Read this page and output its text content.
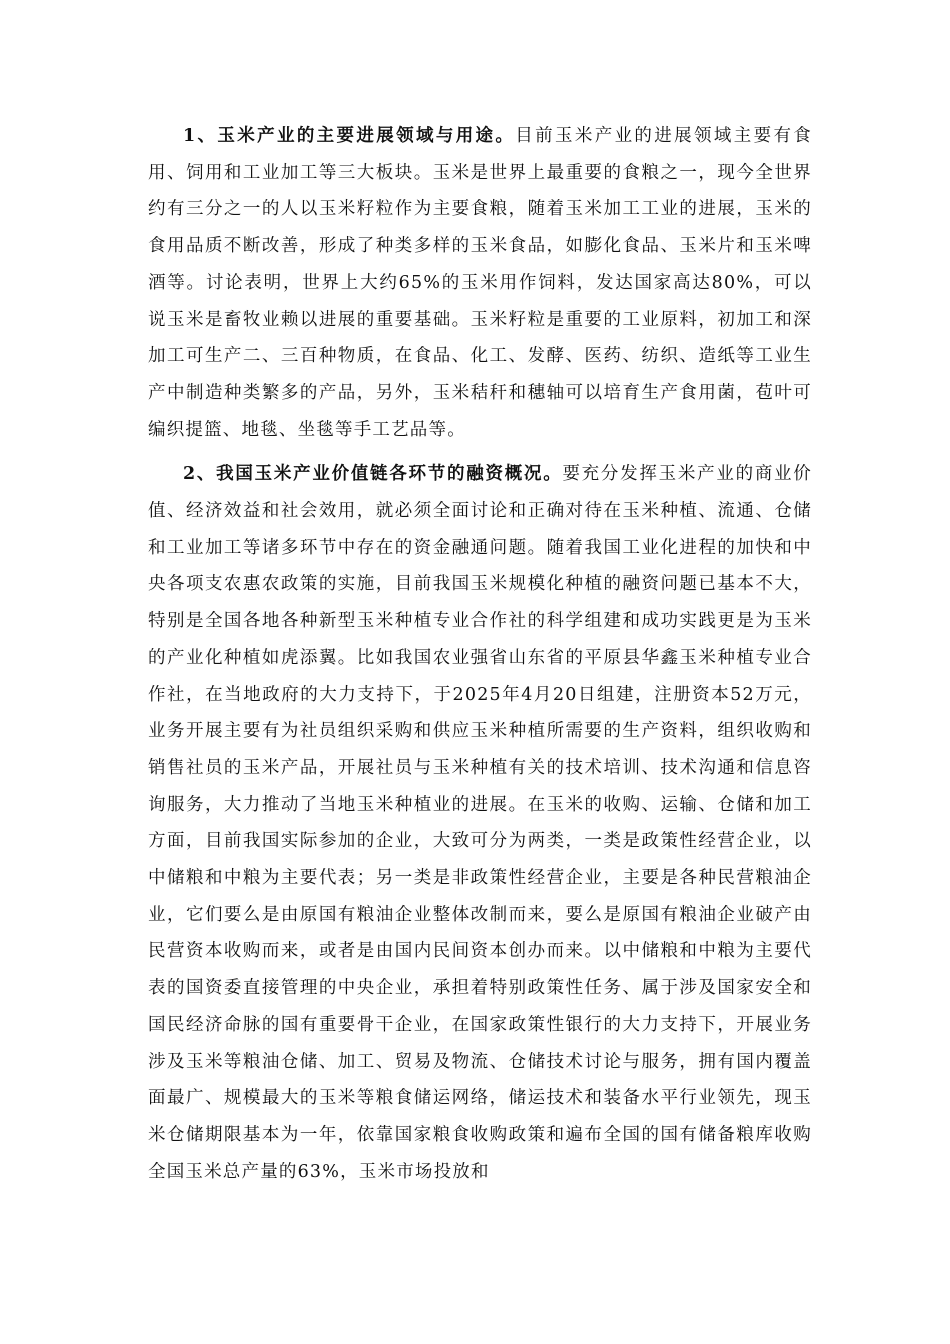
1、玉米产业的主要进展领域与用途。目前玉米产业的进展领域主要有食用、饲用和工业加工等三大板块。玉米是世界上最重要的食粮之一，现今全世界约有三分之一的人以玉米籽粒作为主要食粮，随着玉米加工工业的进展，玉米的食用品质不断改善，形成了种类多样的玉米食品，如膨化食品、玉米片和玉米啤酒等。讨论表明，世界上大约65%的玉米用作饲料，发达国家高达80%，可以说玉米是畜牧业赖以进展的重要基础。玉米籽粒是重要的工业原料，初加工和深加工可生产二、三百种物质，在食品、化工、发酵、医药、纺织、造纸等工业生产中制造种类繁多的产品，另外，玉米秸秆和穗轴可以培育生产食用菌，苞叶可编织提篮、地毯、坐毯等手工艺品等。

2、我国玉米产业价值链各环节的融资概况。要充分发挥玉米产业的商业价值、经济效益和社会效用，就必须全面讨论和正确对待在玉米种植、流通、仓储和工业加工等诸多环节中存在的资金融通问题。随着我国工业化进程的加快和中央各项支农惠农政策的实施，目前我国玉米规模化种植的融资问题已基本不大，特别是全国各地各种新型玉米种植专业合作社的科学组建和成功实践更是为玉米的产业化种植如虎添翼。比如我国农业强省山东省的平原县华鑫玉米种植专业合作社，在当地政府的大力支持下，于2025年4月20日组建，注册资本52万元，业务开展主要有为社员组织采购和供应玉米种植所需要的生产资料，组织收购和销售社员的玉米产品，开展社员与玉米种植有关的技术培训、技术沟通和信息咨询服务，大力推动了当地玉米种植业的进展。在玉米的收购、运输、仓储和加工方面，目前我国实际参加的企业，大致可分为两类，一类是政策性经营企业，以中储粮和中粮为主要代表；另一类是非政策性经营企业，主要是各种民营粮油企业，它们要么是由原国有粮油企业整体改制而来，要么是原国有粮油企业破产由民营资本收购而来，或者是由国内民间资本创办而来。以中储粮和中粮为主要代表的国资委直接管理的中央企业，承担着特别政策性任务、属于涉及国家安全和国民经济命脉的国有重要骨干企业，在国家政策性银行的大力支持下，开展业务涉及玉米等粮油仓储、加工、贸易及物流、仓储技术讨论与服务，拥有国内覆盖面最广、规模最大的玉米等粮食储运网络，储运技术和装备水平行业领先，现玉米仓储期限基本为一年，依靠国家粮食收购政策和遍布全国的国有储备粮库收购全国玉米总产量的63%，玉米市场投放和
